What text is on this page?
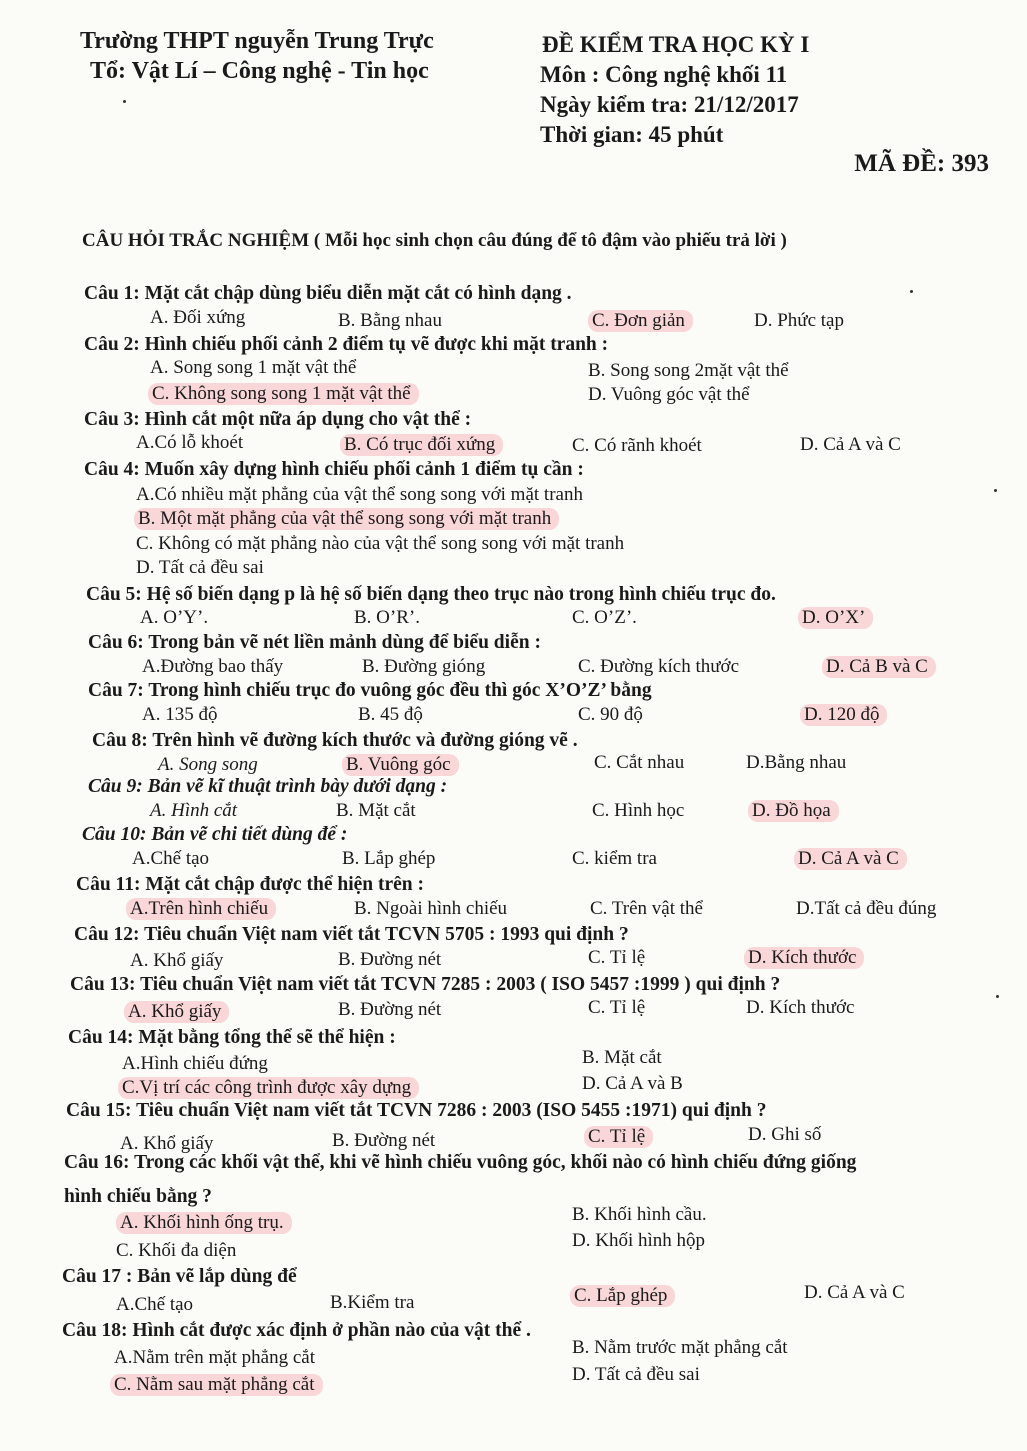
Trường THPT nguyễn Trung Trực
Tổ: Vật Lí – Công nghệ - Tin học
ĐỀ KIỂM TRA HỌC KỲ I
Môn : Công nghệ khối 11
Ngày kiểm tra: 21/12/2017
Thời gian: 45 phút
MÃ ĐỀ: 393
CÂU HỎI TRẮC NGHIỆM ( Mỗi học sinh chọn câu đúng để tô đậm vào phiếu trả lời )
Câu 1: Mặt cắt chập dùng biểu diễn mặt cắt có hình dạng .
A. Đối xứng	B. Bằng nhau	C. Đơn giản	D. Phức tạp
Câu 2: Hình chiếu phối cảnh 2 điểm tụ vẽ được khi mặt tranh :
A. Song song 1 mặt vật thể	B. Song song 2mặt vật thể
C. Không song song 1 mặt vật thể	D. Vuông góc vật thể
Câu 3: Hình cắt một nữa áp dụng cho vật thể :
A.Có lỗ khoét	B. Có trục đối xứng	C. Có rãnh khoét	D. Cả A và C
Câu 4: Muốn xây dựng hình chiếu phối cảnh 1 điểm tụ cần :
A.Có nhiều mặt phẳng của vật thể song song với mặt tranh
B. Một mặt phẳng của vật thể song song với mặt tranh
C. Không có mặt phẳng nào của vật thể song song với mặt tranh
D. Tất cả đều sai
Câu 5: Hệ số biến dạng p là hệ số biến dạng theo trục nào trong hình chiếu trục đo.
A. O’Y’.	B. O’R’.	C. O’Z’.	D. O’X’
Câu 6: Trong bản vẽ nét liền mảnh dùng để biểu diễn :
A.Đường bao thấy	B. Đường gióng	C. Đường kích thước	D. Cả B và C
Câu 7: Trong hình chiếu trục đo vuông góc đều thì góc X’O’Z’ bằng
A. 135 độ	B. 45 độ	C. 90 độ	D. 120 độ
Câu 8: Trên hình vẽ đường kích thước và đường gióng vẽ .
A. Song song	B. Vuông góc	C. Cắt nhau	D.Bằng nhau
Câu 9: Bản vẽ kĩ thuật trình bày dưới dạng :
A. Hình cắt	B. Mặt cắt	C. Hình học	D. Đồ họa
Câu 10: Bản vẽ chi tiết dùng để :
A.Chế tạo	B. Lắp ghép	C. kiểm tra	D. Cả A và C
Câu 11: Mặt cắt chập được thể hiện trên :
A.Trên hình chiếu	B. Ngoài hình chiếu	C. Trên vật thể	D.Tất cả đều đúng
Câu 12: Tiêu chuẩn Việt nam viết tắt TCVN 5705 : 1993 qui định ?
A. Khổ giấy	B. Đường nét	C. Tỉ lệ	D. Kích thước
Câu 13: Tiêu chuẩn Việt nam viết tắt TCVN 7285 : 2003 ( ISO 5457 :1999 ) qui định ?
A. Khổ giấy	B. Đường nét	C. Tỉ lệ	D. Kích thước
Câu 14: Mặt bằng tổng thể sẽ thể hiện :
A.Hình chiếu đứng	B. Mặt cắt
C.Vị trí các công trình được xây dựng	D. Cả A và B
Câu 15: Tiêu chuẩn Việt nam viết tắt TCVN 7286 : 2003 (ISO 5455 :1971) qui định ?
A. Khổ giấy	B. Đường nét	C. Tỉ lệ	D. Ghi số
Câu 16: Trong các khối vật thể, khi vẽ hình chiếu vuông góc, khối nào có hình chiếu đứng giống
hình chiếu bằng ?
A. Khối hình ống trụ.	B. Khối hình cầu.
C. Khối đa diện	D. Khối hình hộp
Câu 17 : Bản vẽ lắp dùng để
A.Chế tạo	B.Kiểm tra	C. Lắp ghép	D. Cả A và C
Câu 18: Hình cắt được xác định ở phần nào của vật thể .
A.Nằm trên mặt phẳng cắt	B. Nằm trước mặt phẳng cắt
C. Nằm sau mặt phẳng cắt	D. Tất cả đều sai
